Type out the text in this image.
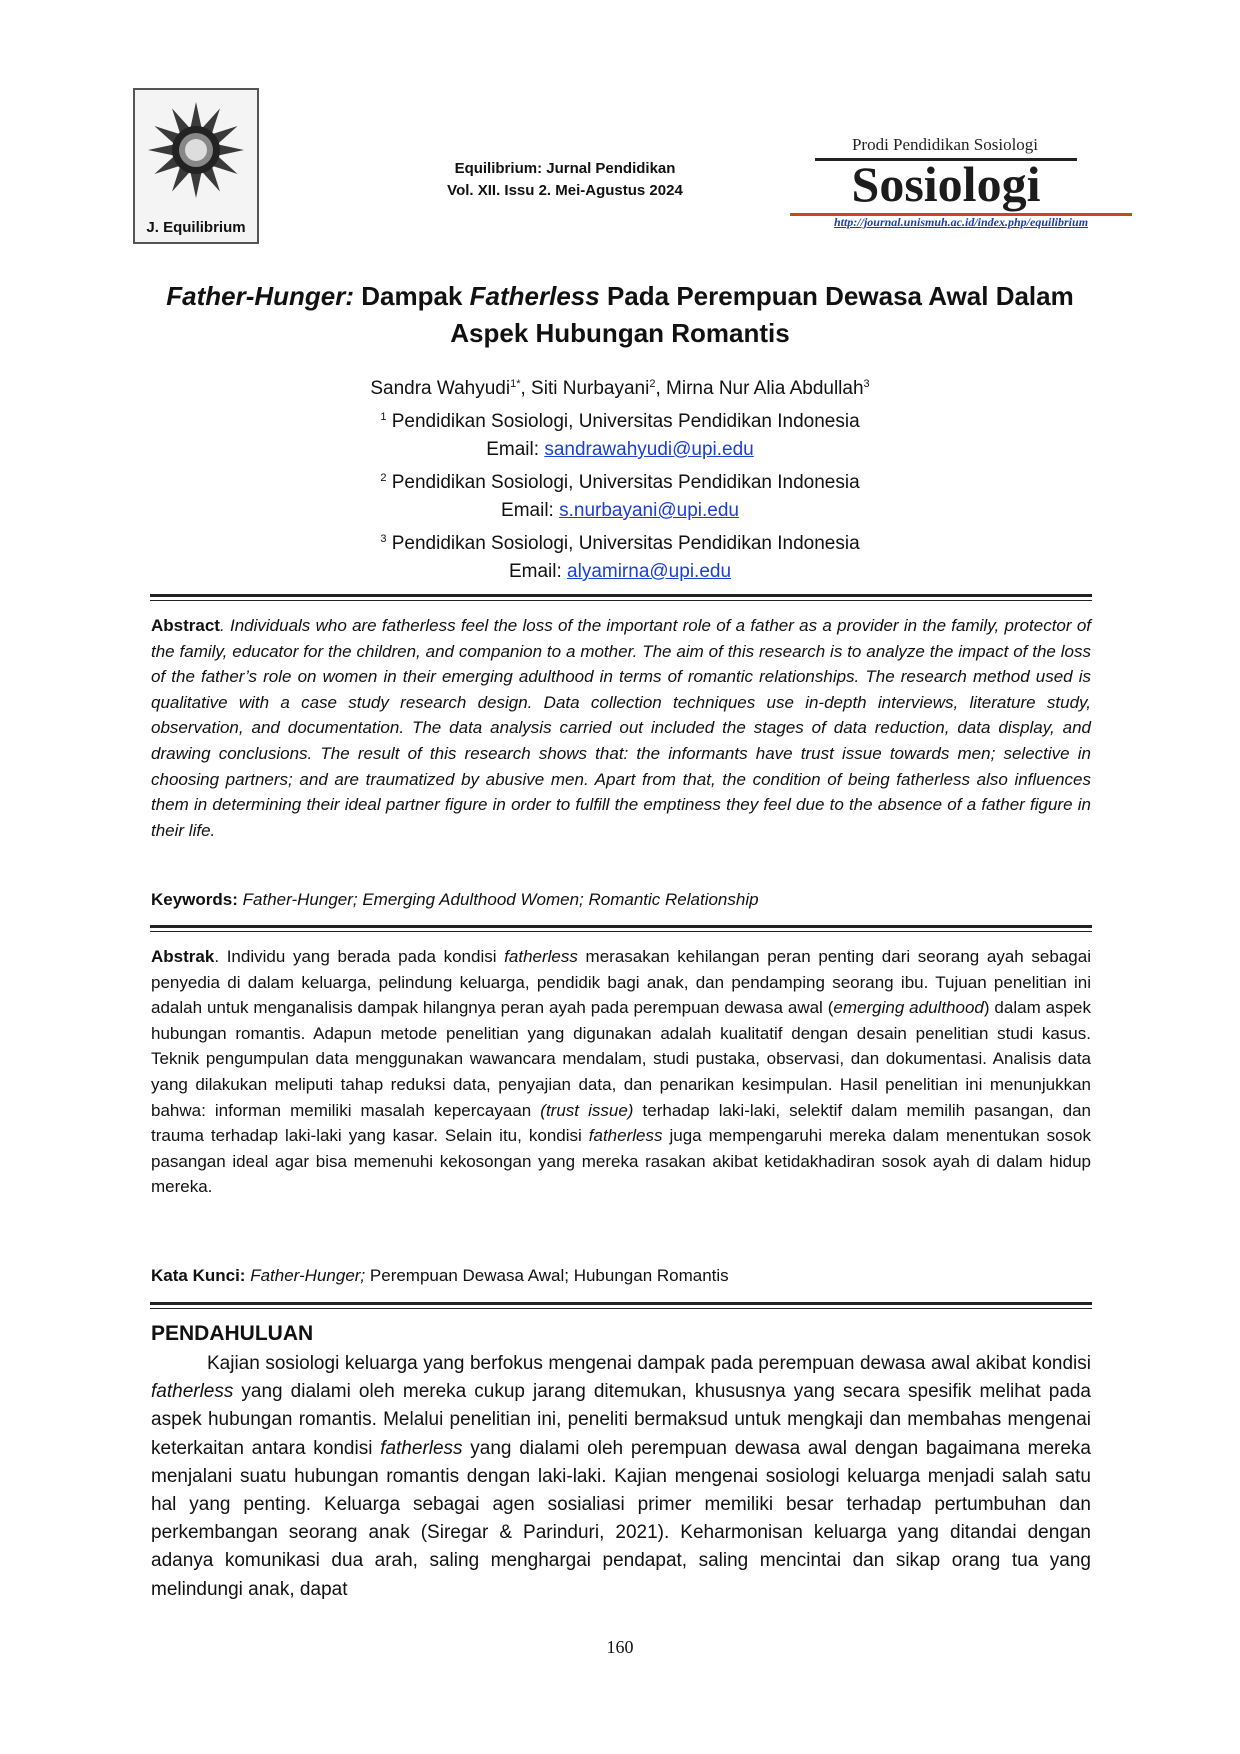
J. Equilibrium
Equilibrium: Jurnal Pendidikan
Vol. XII. Issu 2. Mei-Agustus 2024
Prodi Pendidikan Sosiologi
Sosiologi
http://journal.unismuh.ac.id/index.php/equilibrium
Father-Hunger: Dampak Fatherless Pada Perempuan Dewasa Awal Dalam Aspek Hubungan Romantis
Sandra Wahyudi$^{1*}$, Siti Nurbayani$^2$, Mirna Nur Alia Abdullah$^3$
$^1$ Pendidikan Sosiologi, Universitas Pendidikan Indonesia
Email: sandrawahyudi@upi.edu
$^2$ Pendidikan Sosiologi, Universitas Pendidikan Indonesia
Email: s.nurbayani@upi.edu
$^3$ Pendidikan Sosiologi, Universitas Pendidikan Indonesia
Email: alyamirna@upi.edu
Abstract. Individuals who are fatherless feel the loss of the important role of a father as a provider in the family, protector of the family, educator for the children, and companion to a mother. The aim of this research is to analyze the impact of the loss of the father’s role on women in their emerging adulthood in terms of romantic relationships. The research method used is qualitative with a case study research design. Data collection techniques use in-depth interviews, literature study, observation, and documentation. The data analysis carried out included the stages of data reduction, data display, and drawing conclusions. The result of this research shows that: the informants have trust issue towards men; selective in choosing partners; and are traumatized by abusive men. Apart from that, the condition of being fatherless also influences them in determining their ideal partner figure in order to fulfill the emptiness they feel due to the absence of a father figure in their life.
Keywords: Father-Hunger; Emerging Adulthood Women; Romantic Relationship
Abstrak. Individu yang berada pada kondisi fatherless merasakan kehilangan peran penting dari seorang ayah sebagai penyedia di dalam keluarga, pelindung keluarga, pendidik bagi anak, dan pendamping seorang ibu. Tujuan penelitian ini adalah untuk menganalisis dampak hilangnya peran ayah pada perempuan dewasa awal (emerging adulthood) dalam aspek hubungan romantis. Adapun metode penelitian yang digunakan adalah kualitatif dengan desain penelitian studi kasus. Teknik pengumpulan data menggunakan wawancara mendalam, studi pustaka, observasi, dan dokumentasi. Analisis data yang dilakukan meliputi tahap reduksi data, penyajian data, dan penarikan kesimpulan. Hasil penelitian ini menunjukkan bahwa: informan memiliki masalah kepercayaan (trust issue) terhadap laki-laki, selektif dalam memilih pasangan, dan trauma terhadap laki-laki yang kasar. Selain itu, kondisi fatherless juga mempengaruhi mereka dalam menentukan sosok pasangan ideal agar bisa memenuhi kekosongan yang mereka rasakan akibat ketidakhadiran sosok ayah di dalam hidup mereka.
Kata Kunci: Father-Hunger; Perempuan Dewasa Awal; Hubungan Romantis
PENDAHULUAN
Kajian sosiologi keluarga yang berfokus mengenai dampak pada perempuan dewasa awal akibat kondisi fatherless yang dialami oleh mereka cukup jarang ditemukan, khususnya yang secara spesifik melihat pada aspek hubungan romantis. Melalui penelitian ini, peneliti bermaksud untuk mengkaji dan membahas mengenai keterkaitan antara kondisi fatherless yang dialami oleh perempuan dewasa awal dengan bagaimana mereka menjalani suatu hubungan romantis dengan laki-laki. Kajian mengenai sosiologi keluarga menjadi salah satu hal yang penting. Keluarga sebagai agen sosialiasi primer memiliki besar terhadap pertumbuhan dan perkembangan seorang anak (Siregar & Parinduri, 2021). Keharmonisan keluarga yang ditandai dengan adanya komunikasi dua arah, saling menghargai pendapat, saling mencintai dan sikap orang tua yang melindungi anak, dapat
160
